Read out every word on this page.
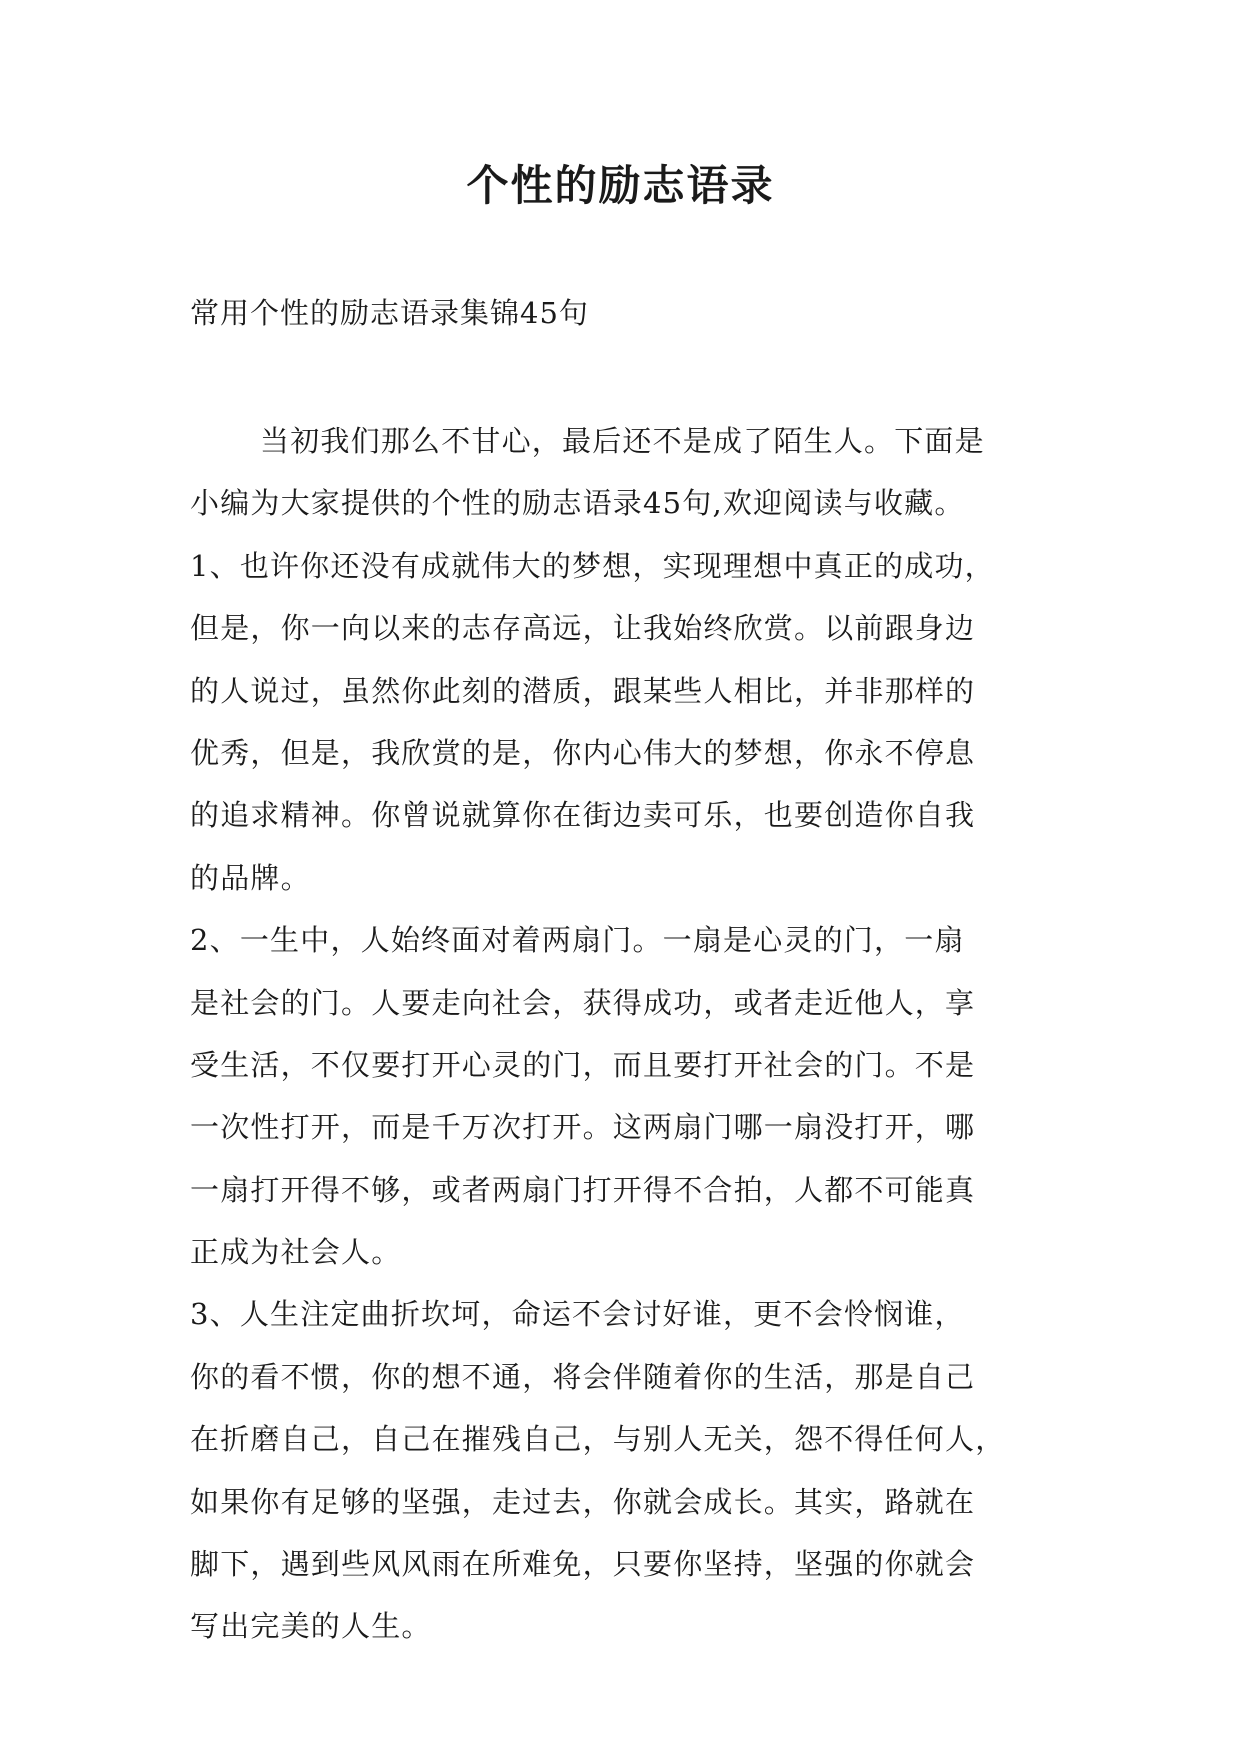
个性的励志语录

常用个性的励志语录集锦45句

当初我们那么不甘心，最后还不是成了陌生人。下面是
小编为大家提供的个性的励志语录45句,欢迎阅读与收藏。
1、也许你还没有成就伟大的梦想，实现理想中真正的成功，
但是，你一向以来的志存高远，让我始终欣赏。以前跟身边
的人说过，虽然你此刻的潜质，跟某些人相比，并非那样的
优秀，但是，我欣赏的是，你内心伟大的梦想，你永不停息
的追求精神。你曾说就算你在街边卖可乐，也要创造你自我
的品牌。
2、一生中，人始终面对着两扇门。一扇是心灵的门，一扇
是社会的门。人要走向社会，获得成功，或者走近他人，享
受生活，不仅要打开心灵的门，而且要打开社会的门。不是
一次性打开，而是千万次打开。这两扇门哪一扇没打开，哪
一扇打开得不够，或者两扇门打开得不合拍，人都不可能真
正成为社会人。
3、人生注定曲折坎坷，命运不会讨好谁，更不会怜悯谁，
你的看不惯，你的想不通，将会伴随着你的生活，那是自己
在折磨自己，自己在摧残自己，与别人无关，怨不得任何人，
如果你有足够的坚强，走过去，你就会成长。其实，路就在
脚下，遇到些风风雨在所难免，只要你坚持，坚强的你就会
写出完美的人生。
